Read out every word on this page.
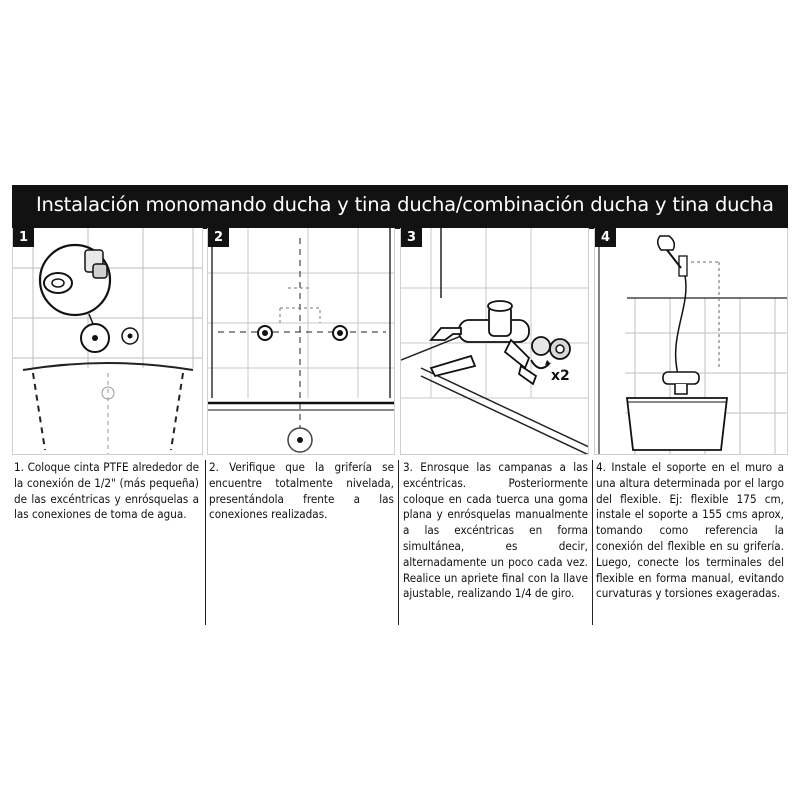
Instalación monomando ducha y tina ducha/combinación ducha y tina ducha
1	2
x2
3	4
1. Coloque cinta PTFE alrededor de la conexión de 1/2" (más pequeña) de las excéntricas y enrósquelas a las conexiones de toma de agua.
2. Verifique que la grifería se encuentre totalmente nivelada, presentándola frente a las conexiones realizadas.
3. Enrosque las campanas a las excéntricas. Posteriormente coloque en cada tuerca una goma plana y enrósquelas manualmente a las excéntricas en forma simultánea, es decir, alternadamente un poco cada vez. Realice un apriete final con la llave ajustable, realizando 1/4 de giro.
4. Instale el soporte en el muro a una altura determinada por el largo del flexible. Ej: flexible 175 cm, instale el soporte a 155 cms aprox, tomando como referencia la conexión del flexible en su grifería. Luego, conecte los terminales del flexible en forma manual, evitando curvaturas y torsiones exageradas.
